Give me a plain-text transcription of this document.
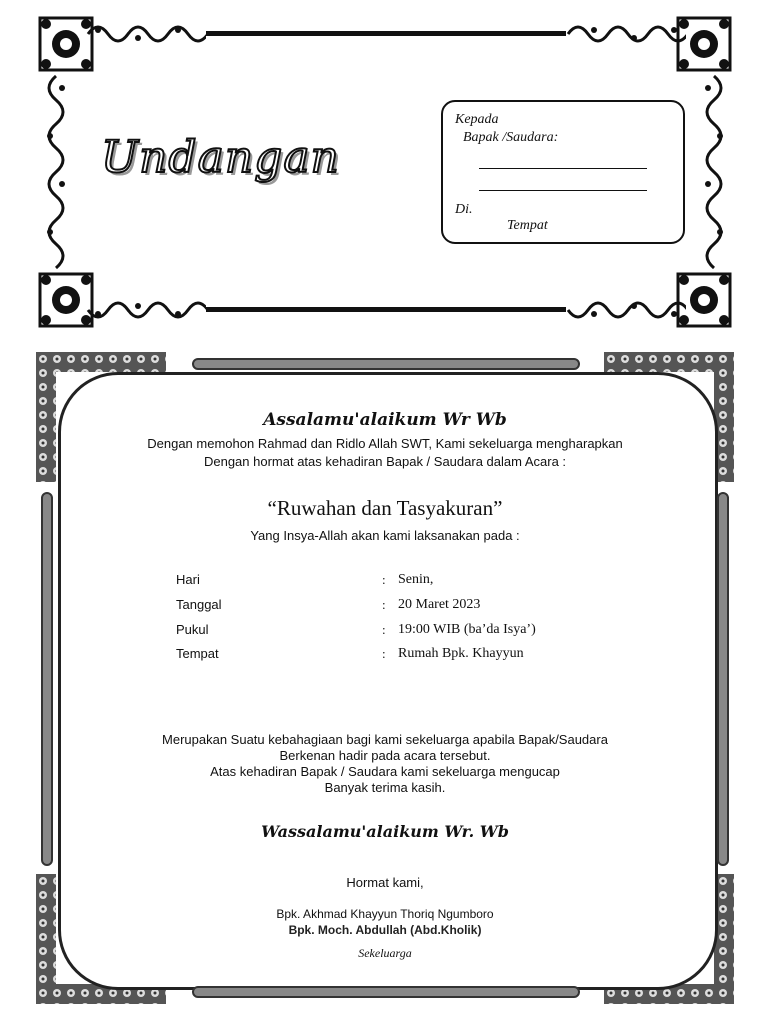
Undangan
Kepada
Bapak /Saudara:
Di.
Tempat
Assalamu'alaikum Wr Wb
Dengan memohon Rahmad dan Ridlo Allah SWT, Kami sekeluarga mengharapkan
Dengan hormat atas kehadiran Bapak / Saudara dalam Acara :
“Ruwahan dan Tasyakuran”
Yang Insya-Allah akan kami laksanakan pada :
Hari	: Senin,
Tanggal	: 20 Maret 2023
Pukul	: 19:00 WIB (ba’da Isya’)
Tempat	: Rumah Bpk. Khayyun
Merupakan Suatu kebahagiaan bagi kami sekeluarga apabila Bapak/Saudara
Berkenan hadir pada acara tersebut.
Atas kehadiran Bapak / Saudara kami sekeluarga mengucap
Banyak terima kasih.
Wassalamu'alaikum Wr. Wb
Hormat kami,
Bpk. Akhmad Khayyun Thoriq Ngumboro
Bpk. Moch. Abdullah (Abd.Kholik)
Sekeluarga
